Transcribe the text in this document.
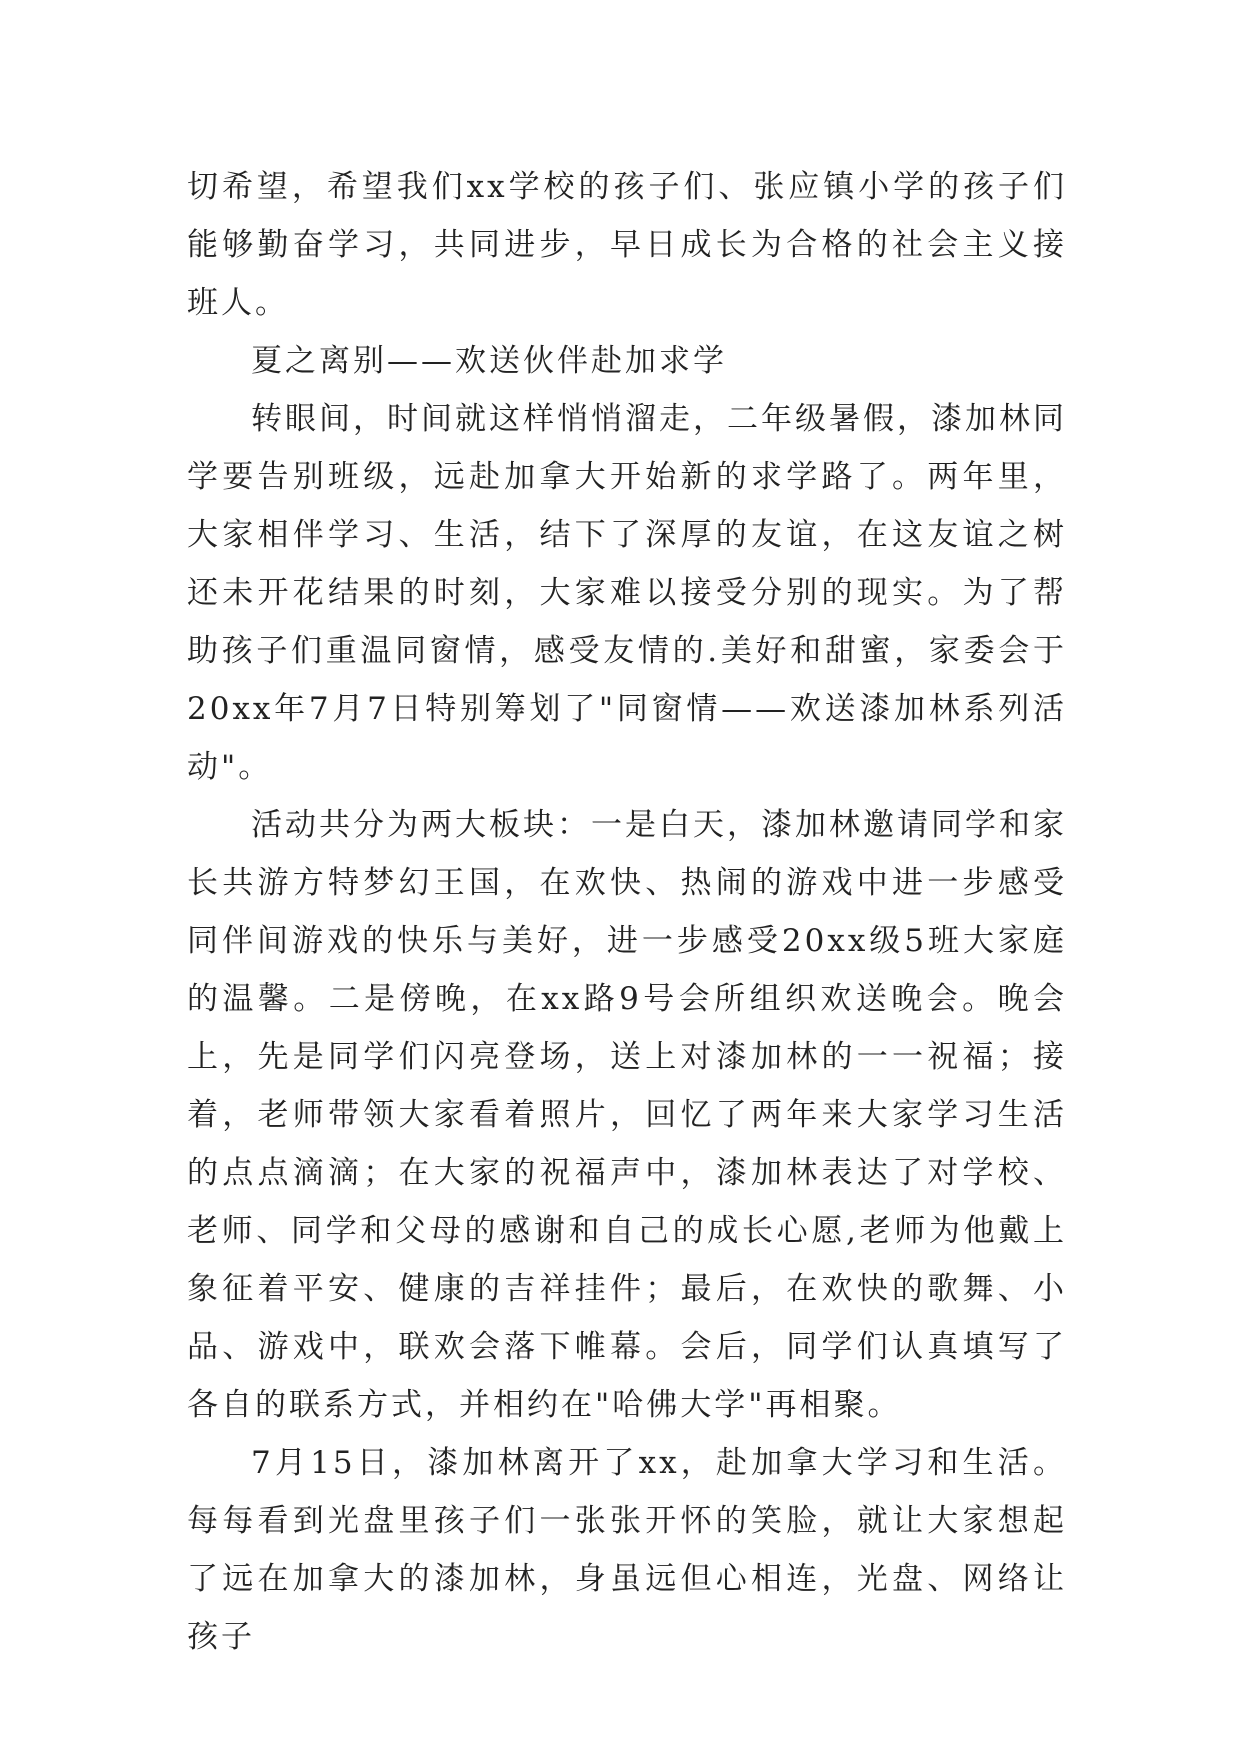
切希望，希望我们xx学校的孩子们、张应镇小学的孩子们能够勤奋学习，共同进步，早日成长为合格的社会主义接班人。

夏之离别——欢送伙伴赴加求学

转眼间，时间就这样悄悄溜走，二年级暑假，漆加林同学要告别班级，远赴加拿大开始新的求学路了。两年里，大家相伴学习、生活，结下了深厚的友谊，在这友谊之树还未开花结果的时刻，大家难以接受分别的现实。为了帮助孩子们重温同窗情，感受友情的.美好和甜蜜，家委会于20xx年7月7日特别筹划了"同窗情——欢送漆加林系列活动"。

活动共分为两大板块：一是白天，漆加林邀请同学和家长共游方特梦幻王国，在欢快、热闹的游戏中进一步感受同伴间游戏的快乐与美好，进一步感受20xx级5班大家庭的温馨。二是傍晚，在xx路9号会所组织欢送晚会。晚会上，先是同学们闪亮登场，送上对漆加林的一一祝福；接着，老师带领大家看着照片，回忆了两年来大家学习生活的点点滴滴；在大家的祝福声中，漆加林表达了对学校、老师、同学和父母的感谢和自己的成长心愿,老师为他戴上象征着平安、健康的吉祥挂件；最后，在欢快的歌舞、小品、游戏中，联欢会落下帷幕。会后，同学们认真填写了各自的联系方式，并相约在"哈佛大学"再相聚。

7月15日，漆加林离开了xx，赴加拿大学习和生活。每每看到光盘里孩子们一张张开怀的笑脸，就让大家想起了远在加拿大的漆加林，身虽远但心相连，光盘、网络让孩子
